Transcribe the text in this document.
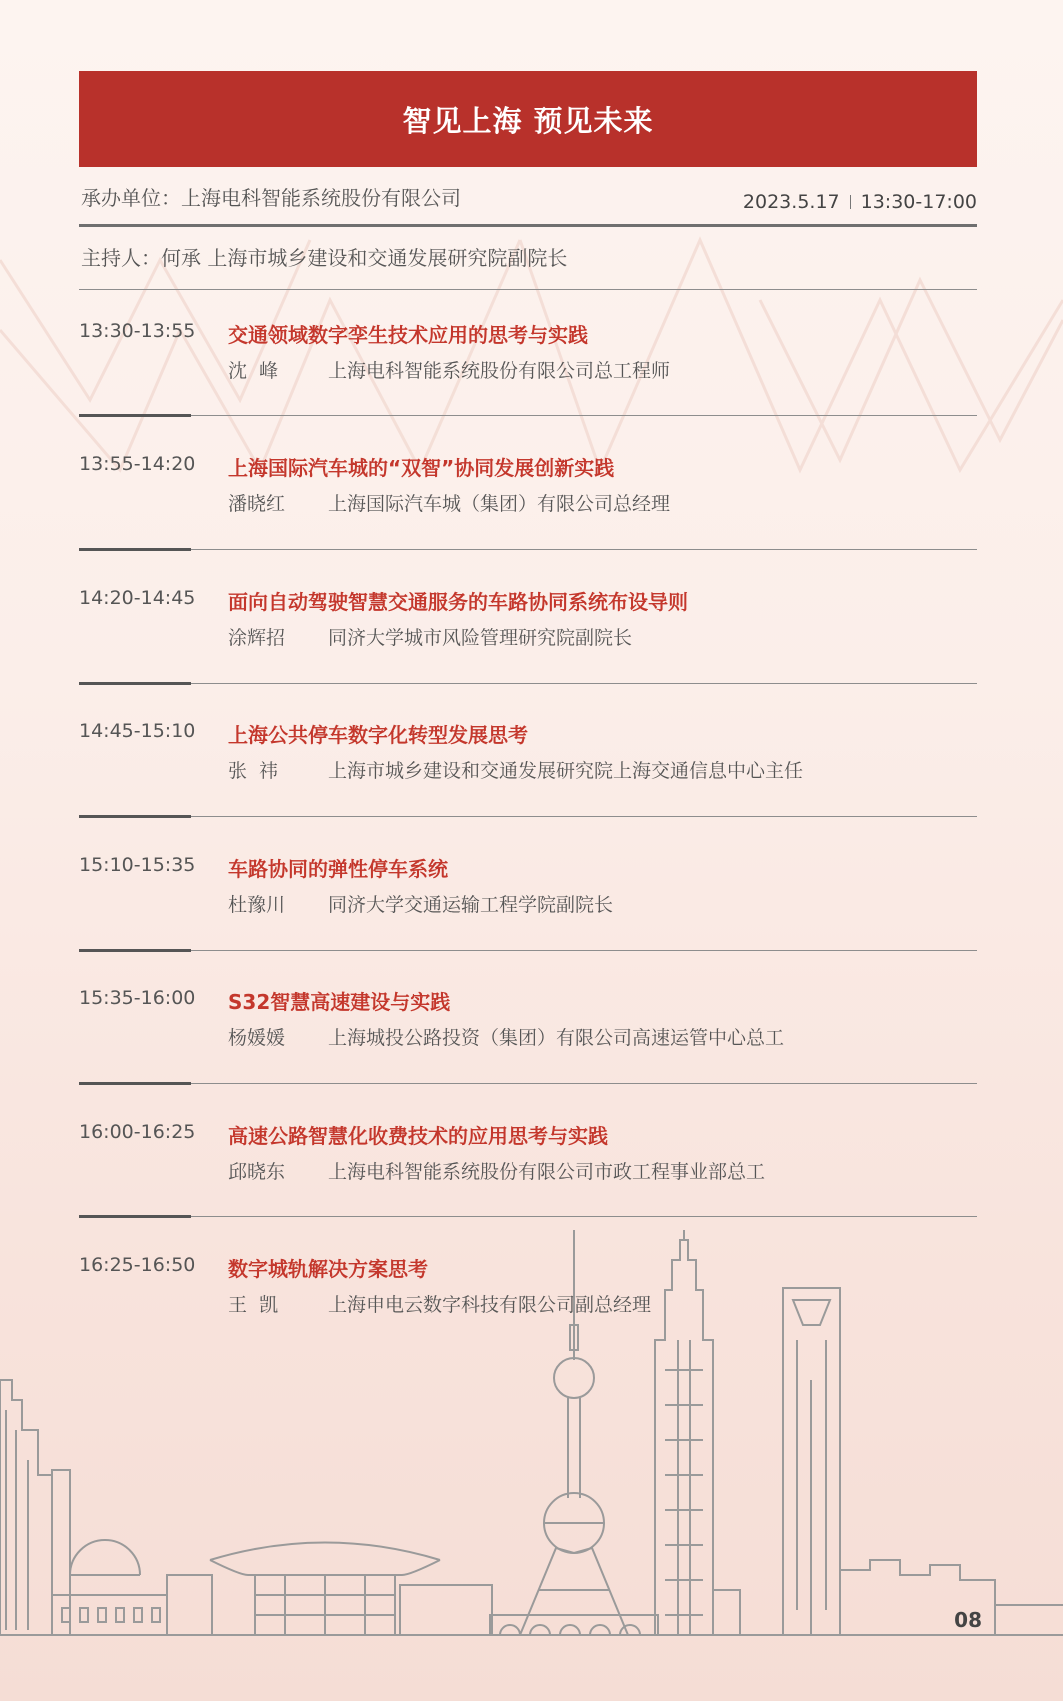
智见上海 预见未来
承办单位：上海电科智能系统股份有限公司	2023.5.17 13:30-17:00
主持人：何承 上海市城乡建设和交通发展研究院副院长
13:30-13:55 交通领域数字孪生技术应用的思考与实践
沈  峰	上海电科智能系统股份有限公司总工程师
13:55-14:20 上海国际汽车城的“双智”协同发展创新实践
潘晓红 上海国际汽车城（集团）有限公司总经理
14:20-14:45 面向自动驾驶智慧交通服务的车路协同系统布设导则
涂辉招 同济大学城市风险管理研究院副院长
14:45-15:10 上海公共停车数字化转型发展思考
张  祎	上海市城乡建设和交通发展研究院上海交通信息中心主任
15:10-15:35 车路协同的弹性停车系统
杜豫川 同济大学交通运输工程学院副院长
15:35-16:00 S32智慧高速建设与实践
杨媛媛 上海城投公路投资（集团）有限公司高速运管中心总工
16:00-16:25 高速公路智慧化收费技术的应用思考与实践
邱晓东 上海电科智能系统股份有限公司市政工程事业部总工
16:25-16:50 数字城轨解决方案思考
王  凯	上海申电云数字科技有限公司副总经理
08
